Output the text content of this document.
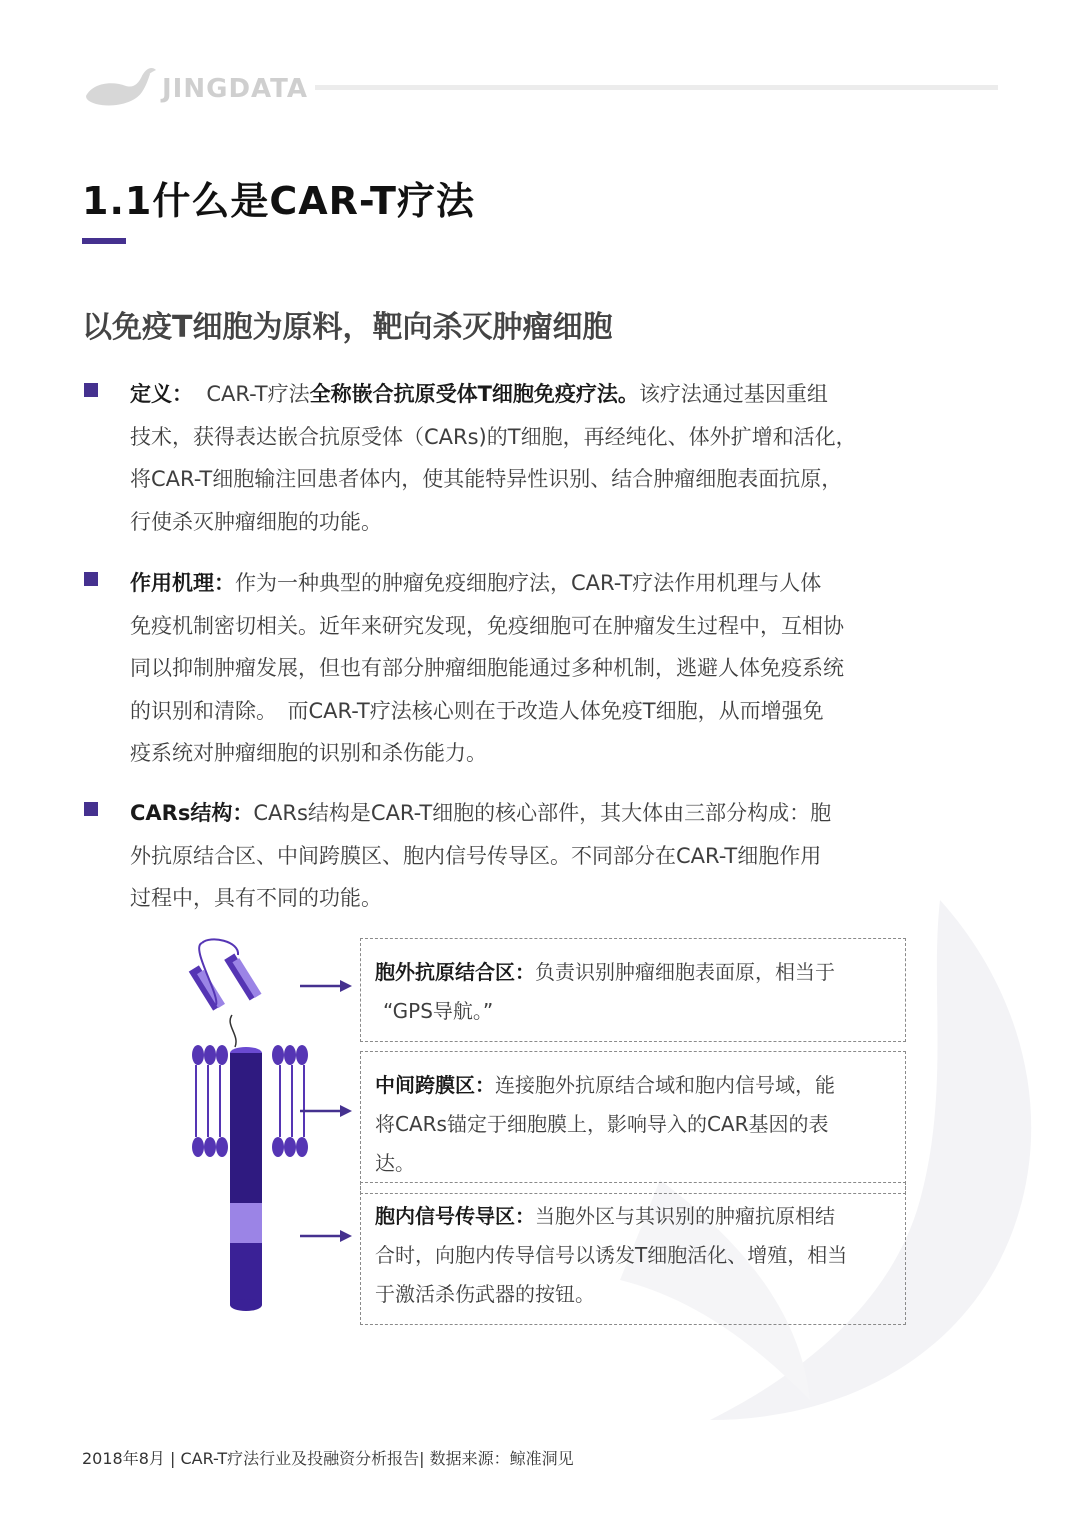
JINGDATA
1.1什么是CAR-T疗法
以免疫T细胞为原料，靶向杀灭肿瘤细胞
定义： CAR-T疗法全称嵌合抗原受体T细胞免疫疗法。该疗法通过基因重组
技术，获得表达嵌合抗原受体（CARs)的T细胞，再经纯化、体外扩增和活化，
将CAR-T细胞输注回患者体内，使其能特异性识别、结合肿瘤细胞表面抗原，
行使杀灭肿瘤细胞的功能。
作用机理：作为一种典型的肿瘤免疫细胞疗法，CAR-T疗法作用机理与人体
免疫机制密切相关。近年来研究发现，免疫细胞可在肿瘤发生过程中，互相协
同以抑制肿瘤发展，但也有部分肿瘤细胞能通过多种机制，逃避人体免疫系统
的识别和清除。　而CAR-T疗法核心则在于改造人体免疫T细胞，从而增强免
疫系统对肿瘤细胞的识别和杀伤能力。
CARs结构：CARs结构是CAR-T细胞的核心部件，其大体由三部分构成：胞
外抗原结合区、中间跨膜区、胞内信号传导区。不同部分在CAR-T细胞作用
过程中，具有不同的功能。
胞外抗原结合区：负责识别肿瘤细胞表面原，相当于
“GPS导航。”
中间跨膜区：连接胞外抗原结合域和胞内信号域，能
将CARs锚定于细胞膜上，影响导入的CAR基因的表
达。
胞内信号传导区：当胞外区与其识别的肿瘤抗原相结
合时，向胞内传导信号以诱发T细胞活化、增殖，相当
于激活杀伤武器的按钮。
2018年8月 | CAR-T疗法行业及投融资分析报告| 数据来源：鲸准洞见
